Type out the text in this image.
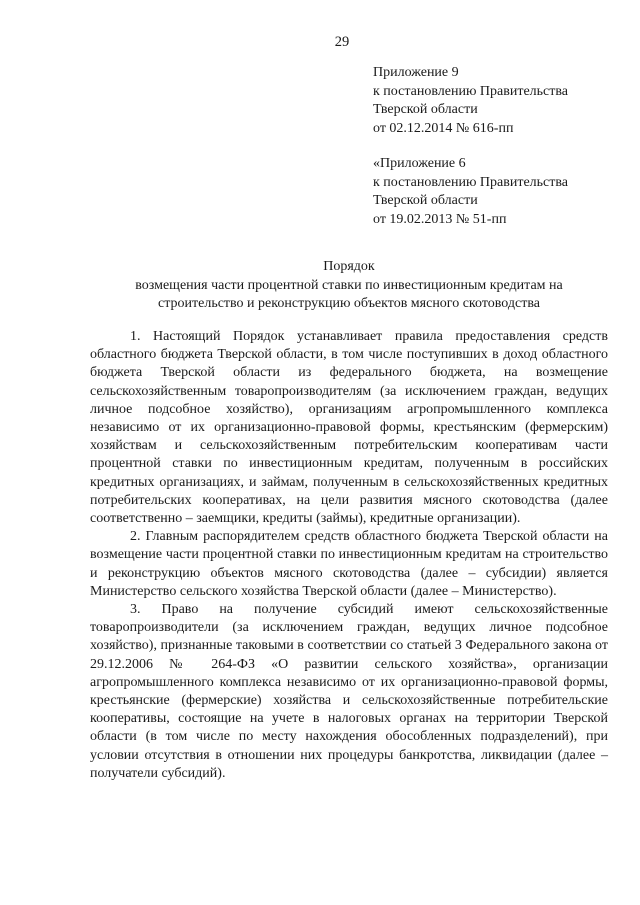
29
Приложение 9
к постановлению Правительства
Тверской области
от 02.12.2014 № 616-пп
«Приложение 6
к постановлению Правительства
Тверской области
от 19.02.2013 № 51-пп
Порядок
возмещения части процентной ставки по инвестиционным кредитам на
строительство и реконструкцию объектов мясного скотоводства

1. Настоящий Порядок устанавливает правила предоставления средств областного бюджета Тверской области, в том числе поступивших в доход областного бюджета Тверской области из федерального бюджета, на возмещение сельскохозяйственным товаропроизводителям (за исключением граждан, ведущих личное подсобное хозяйство), организациям агропромышленного комплекса независимо от их организационно-правовой формы, крестьянским (фермерским) хозяйствам и сельскохозяйственным потребительским кооперативам части процентной ставки по инвестиционным кредитам, полученным в российских кредитных организациях, и займам, полученным в сельскохозяйственных кредитных потребительских кооперативах, на цели развития мясного скотоводства (далее соответственно – заемщики, кредиты (займы), кредитные организации).

2. Главным распорядителем средств областного бюджета Тверской области на возмещение части процентной ставки по инвестиционным кредитам на строительство и реконструкцию объектов мясного скотоводства (далее – субсидии) является Министерство сельского хозяйства Тверской области (далее – Министерство).

3. Право на получение субсидий имеют сельскохозяйственные товаропроизводители (за исключением граждан, ведущих личное подсобное хозяйство), признанные таковыми в соответствии со статьей 3 Федерального закона от 29.12.2006 № 264-ФЗ «О развитии сельского хозяйства», организации агропромышленного комплекса независимо от их организационно-правовой формы, крестьянские (фермерские) хозяйства и сельскохозяйственные потребительские кооперативы, состоящие на учете в налоговых органах на территории Тверской области (в том числе по месту нахождения обособленных подразделений), при условии отсутствия в отношении них процедуры банкротства, ликвидации (далее – получатели субсидий).
